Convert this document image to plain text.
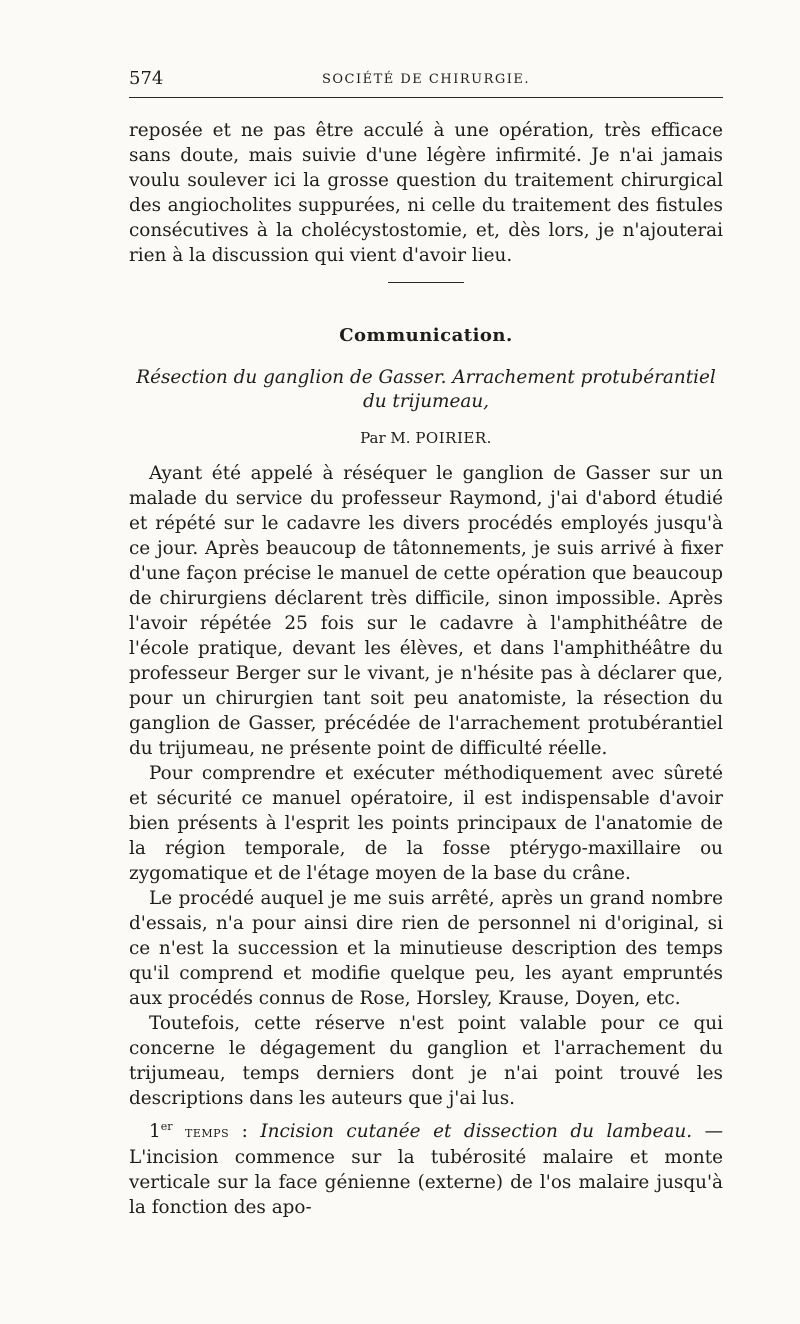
574	SOCIÉTÉ DE CHIRURGIE.

reposée et ne pas être acculé à une opération, très efficace sans doute, mais suivie d'une légère infirmité. Je n'ai jamais voulu soulever ici la grosse question du traitement chirurgical des angiocholites suppurées, ni celle du traitement des fistules consécutives à la cholécystostomie, et, dès lors, je n'ajouterai rien à la discussion qui vient d'avoir lieu.

Communication.
Résection du ganglion de Gasser. Arrachement protubérantiel
du trijumeau,
Par M. POIRIER.

Ayant été appelé à réséquer le ganglion de Gasser sur un malade du service du professeur Raymond, j'ai d'abord étudié et répété sur le cadavre les divers procédés employés jusqu'à ce jour. Après beaucoup de tâtonnements, je suis arrivé à fixer d'une façon précise le manuel de cette opération que beaucoup de chirurgiens déclarent très difficile, sinon impossible. Après l'avoir répétée 25 fois sur le cadavre à l'amphithéâtre de l'école pratique, devant les élèves, et dans l'amphithéâtre du professeur Berger sur le vivant, je n'hésite pas à déclarer que, pour un chirurgien tant soit peu anatomiste, la résection du ganglion de Gasser, précédée de l'arrachement protubérantiel du trijumeau, ne présente point de difficulté réelle.

Pour comprendre et exécuter méthodiquement avec sûreté et sécurité ce manuel opératoire, il est indispensable d'avoir bien présents à l'esprit les points principaux de l'anatomie de la région temporale, de la fosse ptérygo-maxillaire ou zygomatique et de l'étage moyen de la base du crâne.

Le procédé auquel je me suis arrêté, après un grand nombre d'essais, n'a pour ainsi dire rien de personnel ni d'original, si ce n'est la succession et la minutieuse description des temps qu'il comprend et modifie quelque peu, les ayant empruntés aux procédés connus de Rose, Horsley, Krause, Doyen, etc.

Toutefois, cette réserve n'est point valable pour ce qui concerne le dégagement du ganglion et l'arrachement du trijumeau, temps derniers dont je n'ai point trouvé les descriptions dans les auteurs que j'ai lus.

1er temps : Incision cutanée et dissection du lambeau. — L'incision commence sur la tubérosité malaire et monte verticale sur la face génienne (externe) de l'os malaire jusqu'à la fonction des apo-
